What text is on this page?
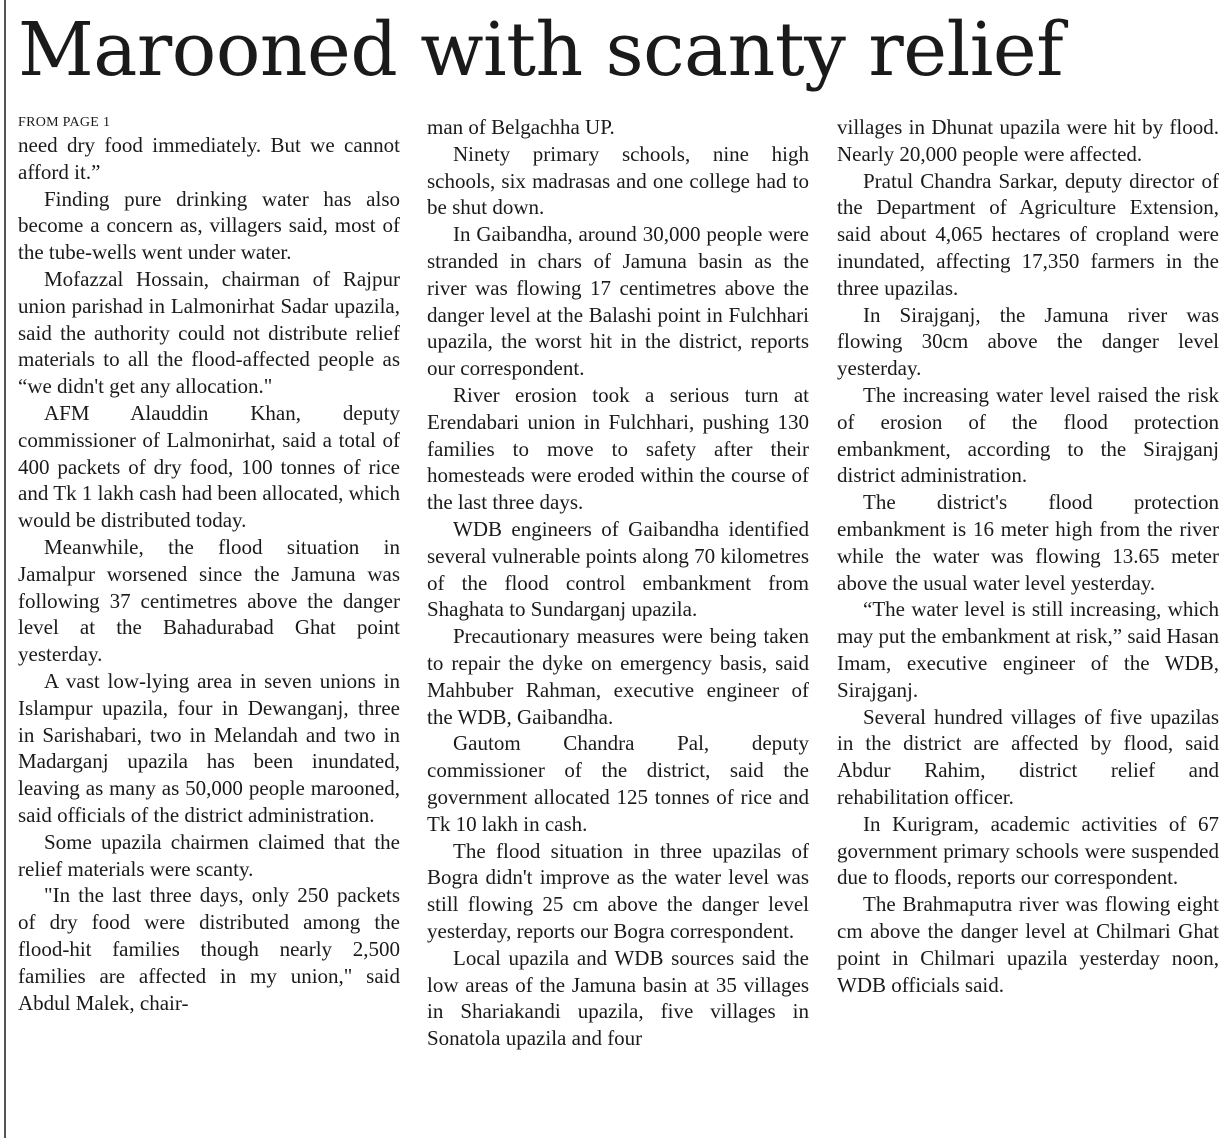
Marooned with scanty relief
FROM PAGE 1

need dry food immediately. But we cannot afford it.”

Finding pure drinking water has also become a concern as, villagers said, most of the tube-wells went under water.

Mofazzal Hossain, chairman of Rajpur union parishad in Lalmonirhat Sadar upazila, said the authority could not distribute relief materials to all the flood-affected people as “we didn't get any allocation."

AFM Alauddin Khan, deputy commissioner of Lalmonirhat, said a total of 400 packets of dry food, 100 tonnes of rice and Tk 1 lakh cash had been allocated, which would be distributed today.

Meanwhile, the flood situation in Jamalpur worsened since the Jamuna was following 37 centimetres above the danger level at the Bahadurabad Ghat point yesterday.

A vast low-lying area in seven unions in Islampur upazila, four in Dewanganj, three in Sarishabari, two in Melandah and two in Madarganj upazila has been inundated, leaving as many as 50,000 people marooned, said officials of the district administration.

Some upazila chairmen claimed that the relief materials were scanty.

"In the last three days, only 250 packets of dry food were distributed among the flood-hit families though nearly 2,500 families are affected in my union," said Abdul Malek, chair-

man of Belgachha UP.

Ninety primary schools, nine high schools, six madrasas and one college had to be shut down.

In Gaibandha, around 30,000 people were stranded in chars of Jamuna basin as the river was flowing 17 centimetres above the danger level at the Balashi point in Fulchhari upazila, the worst hit in the district, reports our correspondent.

River erosion took a serious turn at Erendabari union in Fulchhari, pushing 130 families to move to safety after their homesteads were eroded within the course of the last three days.

WDB engineers of Gaibandha identified several vulnerable points along 70 kilometres of the flood control embankment from Shaghata to Sundarganj upazila.

Precautionary measures were being taken to repair the dyke on emergency basis, said Mahbuber Rahman, executive engineer of the WDB, Gaibandha.

Gautom Chandra Pal, deputy commissioner of the district, said the government allocated 125 tonnes of rice and Tk 10 lakh in cash.

The flood situation in three upazilas of Bogra didn't improve as the water level was still flowing 25 cm above the danger level yesterday, reports our Bogra correspondent.

Local upazila and WDB sources said the low areas of the Jamuna basin at 35 villages in Shariakandi upazila, five villages in Sonatola upazila and four

villages in Dhunat upazila were hit by flood. Nearly 20,000 people were affected.

Pratul Chandra Sarkar, deputy director of the Department of Agriculture Extension, said about 4,065 hectares of cropland were inundated, affecting 17,350 farmers in the three upazilas.

In Sirajganj, the Jamuna river was flowing 30cm above the danger level yesterday.

The increasing water level raised the risk of erosion of the flood protection embankment, according to the Sirajganj district administration.

The district's flood protection embankment is 16 meter high from the river while the water was flowing 13.65 meter above the usual water level yesterday.

“The water level is still increasing, which may put the embankment at risk,” said Hasan Imam, executive engineer of the WDB, Sirajganj.

Several hundred villages of five upazilas in the district are affected by flood, said Abdur Rahim, district relief and rehabilitation officer.

In Kurigram, academic activities of 67 government primary schools were suspended due to floods, reports our correspondent.

The Brahmaputra river was flowing eight cm above the danger level at Chilmari Ghat point in Chilmari upazila yesterday noon, WDB officials said.
